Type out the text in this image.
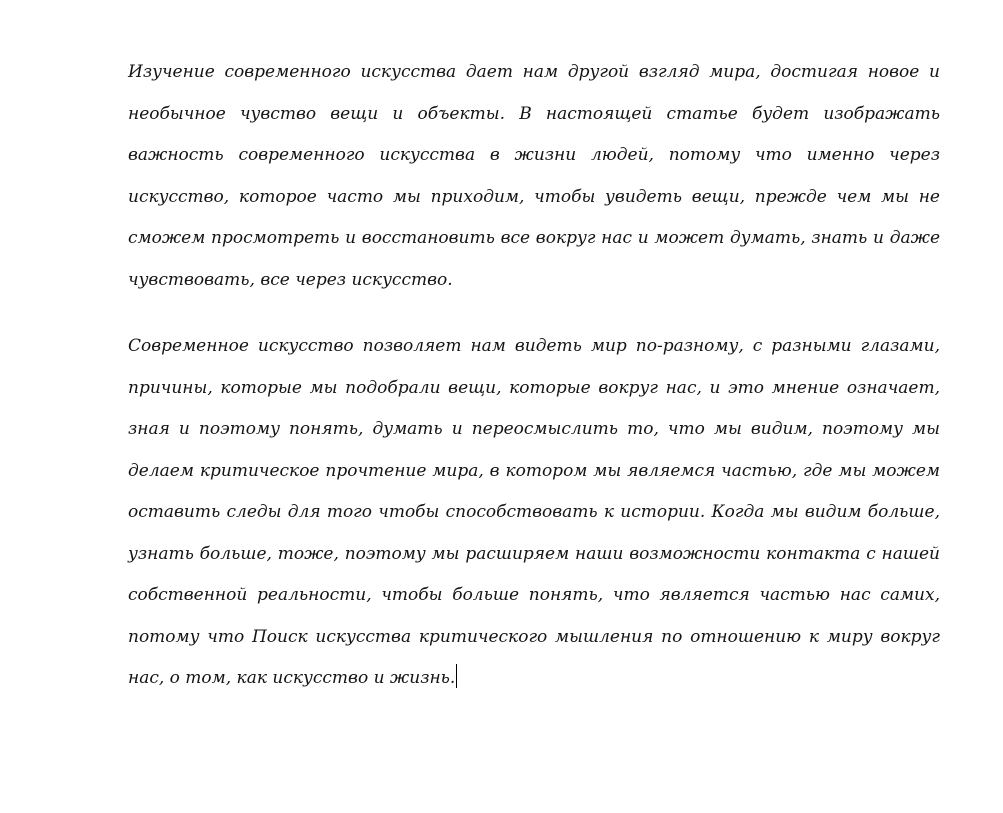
Изучение современного искусства дает нам другой взгляд мира, достигая новое и необычное чувство вещи и объекты. В настоящей статье будет изображать важность современного искусства в жизни людей, потому что именно через искусство, которое часто мы приходим, чтобы увидеть вещи, прежде чем мы не сможем просмотреть и восстановить все вокруг нас и может думать, знать и даже чувствовать, все через искусство.

Современное искусство позволяет нам видеть мир по-разному, с разными глазами, причины, которые мы подобрали вещи, которые вокруг нас, и это мнение означает, зная и поэтому понять, думать и переосмыслить то, что мы видим, поэтому мы делаем критическое прочтение мира, в котором мы являемся частью, где мы можем оставить следы для того чтобы способствовать к истории. Когда мы видим больше, узнать больше, тоже, поэтому мы расширяем наши возможности контакта с нашей собственной реальности, чтобы больше понять, что является частью нас самих, потому что Поиск искусства критического мышления по отношению к миру вокруг нас, о том, как искусство и жизнь.
